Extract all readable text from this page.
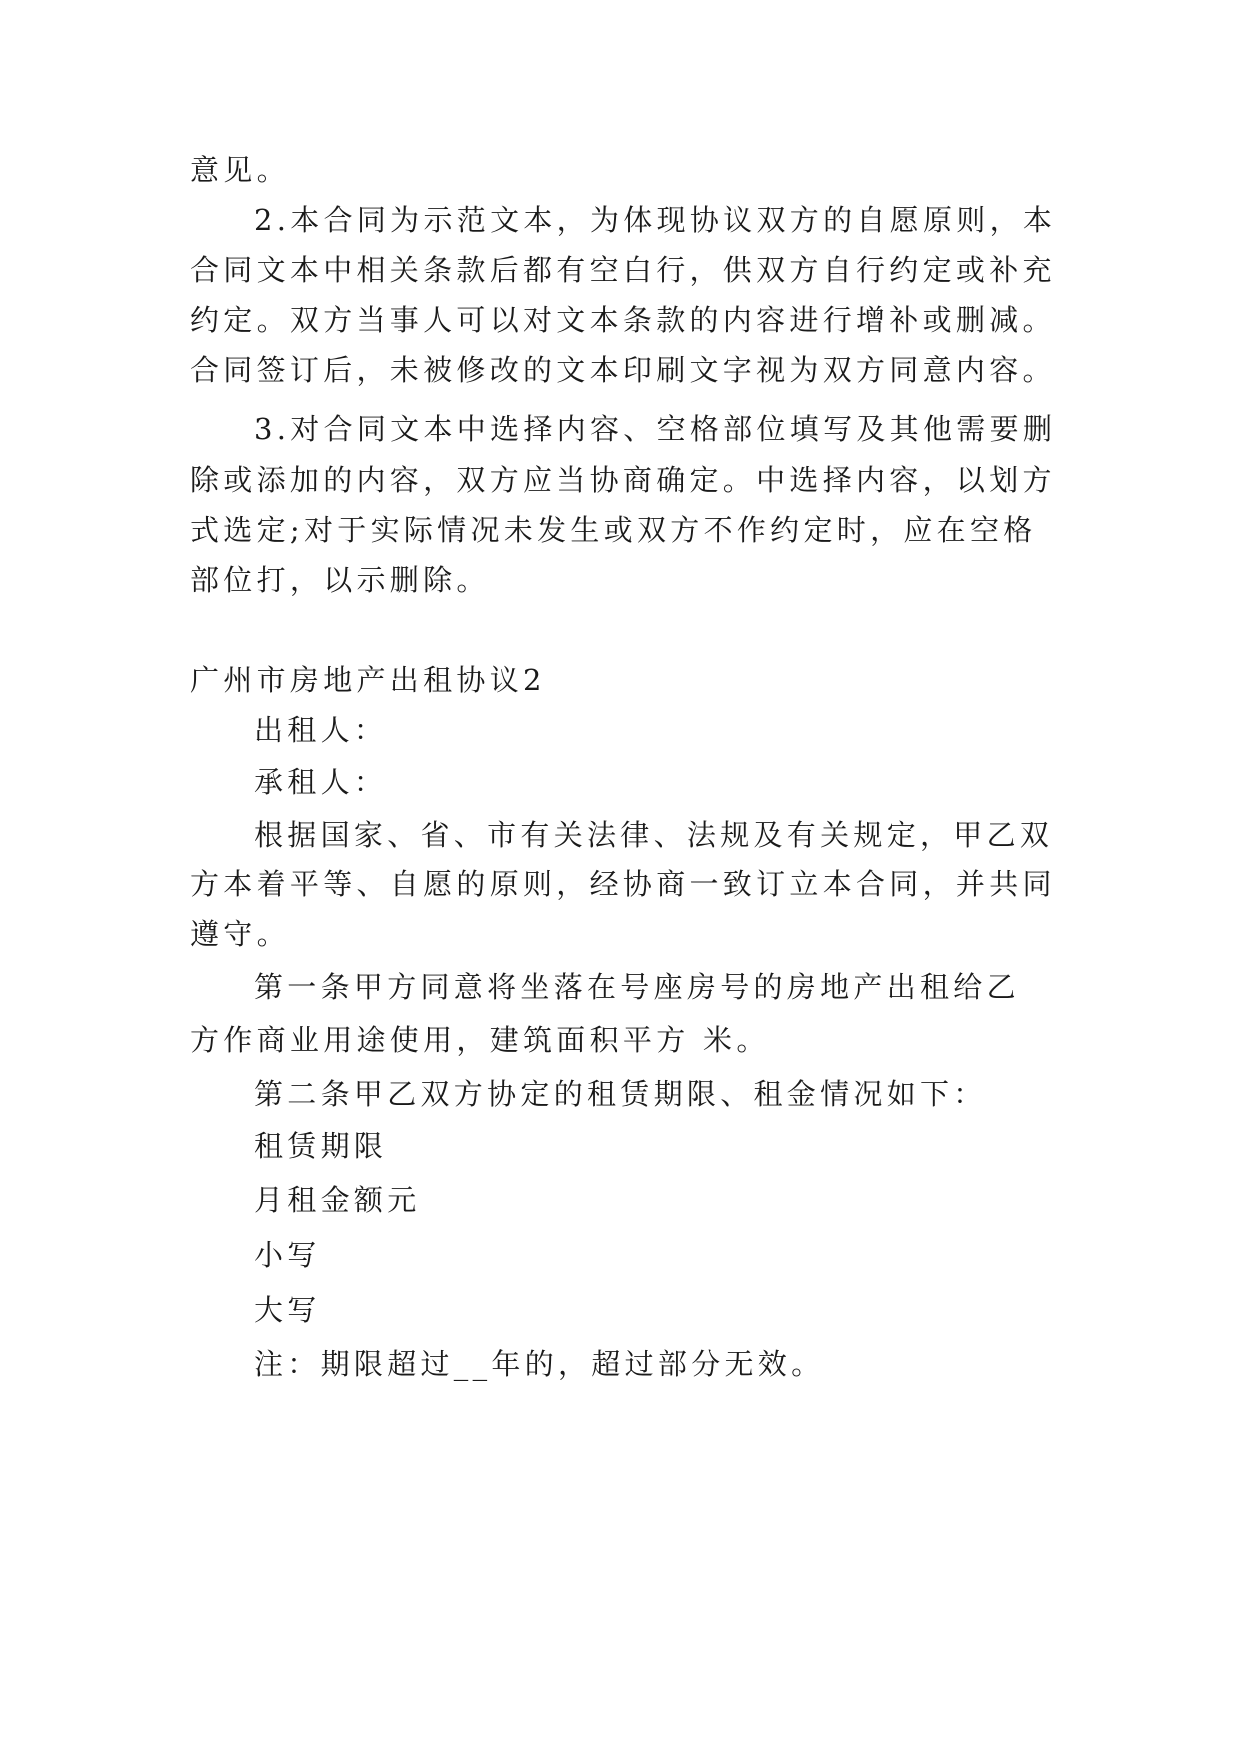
意见。
2.本合同为示范文本，为体现协议双方的自愿原则，本
合同文本中相关条款后都有空白行，供双方自行约定或补充
约定。双方当事人可以对文本条款的内容进行增补或删减。
合同签订后，未被修改的文本印刷文字视为双方同意内容。
3.对合同文本中选择内容、空格部位填写及其他需要删
除或添加的内容，双方应当协商确定。中选择内容，以划方
式选定;对于实际情况未发生或双方不作约定时，应在空格
部位打，以示删除。
广州市房地产出租协议2
出租人：
承租人：
根据国家、省、市有关法律、法规及有关规定，甲乙双
方本着平等、自愿的原则，经协商一致订立本合同，并共同
遵守。
第一条甲方同意将坐落在号座房号的房地产出租给乙
方作商业用途使用，建筑面积平方 米。
第二条甲乙双方协定的租赁期限、租金情况如下：
租赁期限
月租金额元
小写
大写
注：期限超过__年的，超过部分无效。
